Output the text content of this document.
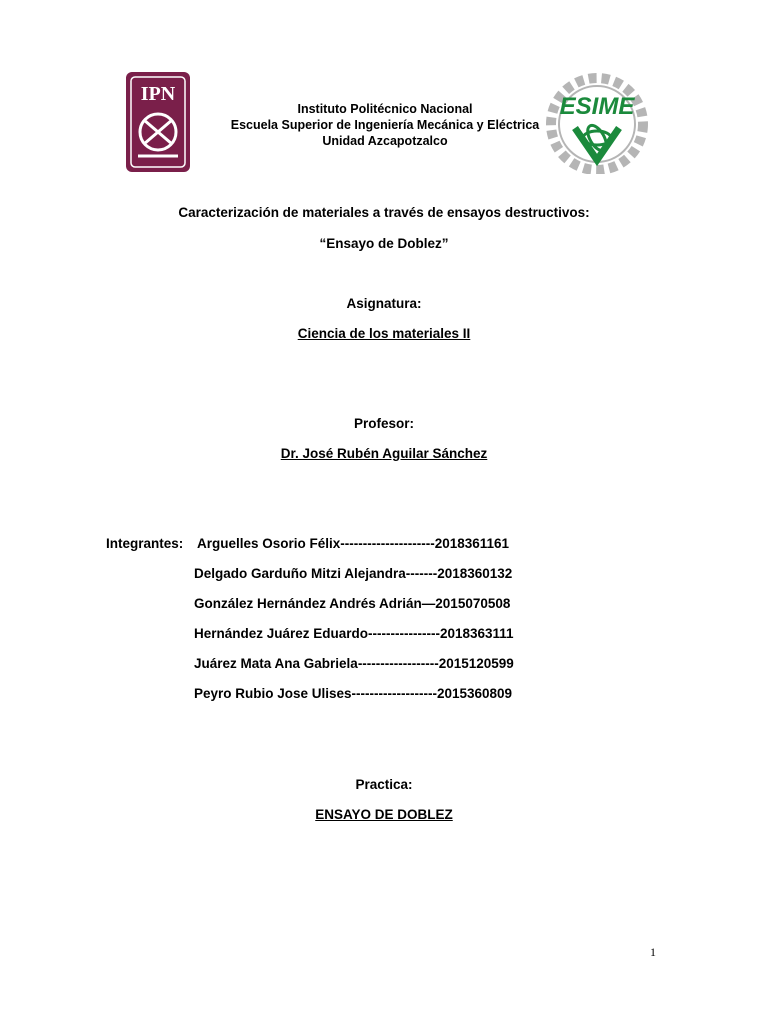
IPN	ESIME
Instituto Politécnico Nacional
Escuela Superior de Ingeniería Mecánica y Eléctrica
Unidad Azcapotzalco
Caracterización de materiales a través de ensayos destructivos:
“Ensayo de Doblez”
Asignatura:
Ciencia de los materiales II
Profesor:
Dr. José Rubén Aguilar Sánchez
Integrantes: Arguelles Osorio Félix---------------------2018361161
Delgado Garduño Mitzi Alejandra-------2018360132
González Hernández Andrés Adrián—2015070508
Hernández Juárez Eduardo----------------2018363111
Juárez Mata Ana Gabriela------------------2015120599
Peyro Rubio Jose Ulises-------------------2015360809
Practica:
ENSAYO DE DOBLEZ
1
